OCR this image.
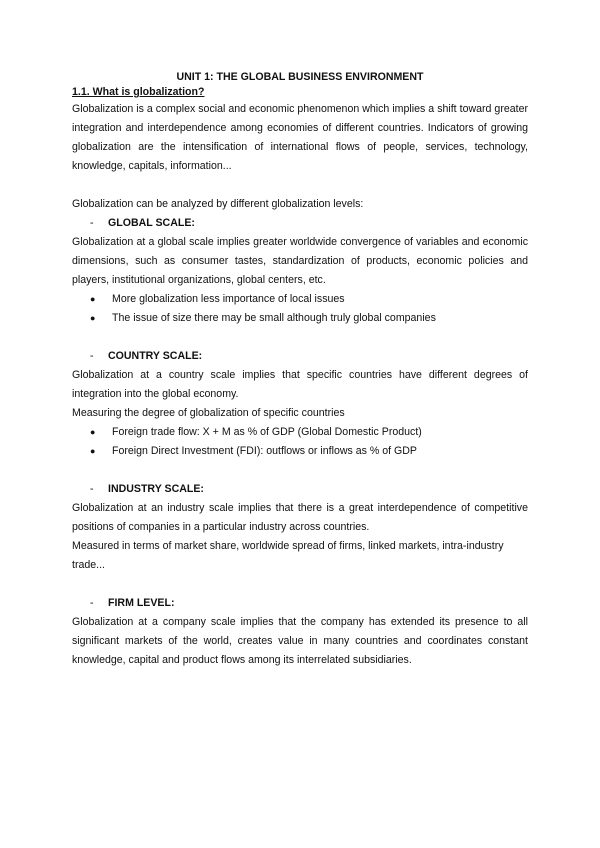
UNIT 1: THE GLOBAL BUSINESS ENVIRONMENT

1.1. What is globalization?

Globalization is a complex social and economic phenomenon which implies a shift toward greater integration and interdependence among economies of different countries. Indicators of growing globalization are the intensification of international flows of people, services, technology, knowledge, capitals, information...

Globalization can be analyzed by different globalization levels:

-	GLOBAL SCALE:

Globalization at a global scale implies greater worldwide convergence of variables and economic dimensions, such as consumer tastes, standardization of products, economic policies and players, institutional organizations, global centers, etc.

●	More globalization less importance of local issues
●	The issue of size there may be small although truly global companies
-	COUNTRY SCALE:

Globalization at a country scale implies that specific countries have different degrees of integration into the global economy.

Measuring the degree of globalization of specific countries

●	Foreign trade flow: X + M as % of GDP (Global Domestic Product)
●	Foreign Direct Investment (FDI): outflows or inflows as % of GDP
-	INDUSTRY SCALE:

Globalization at an industry scale implies that there is a great interdependence of competitive positions of companies in a particular industry across countries.

Measured in terms of market share, worldwide spread of firms, linked markets, intra-industry trade...

-	FIRM LEVEL:

Globalization at a company scale implies that the company has extended its presence to all significant markets of the world, creates value in many countries and coordinates constant knowledge, capital and product flows among its interrelated subsidiaries.
